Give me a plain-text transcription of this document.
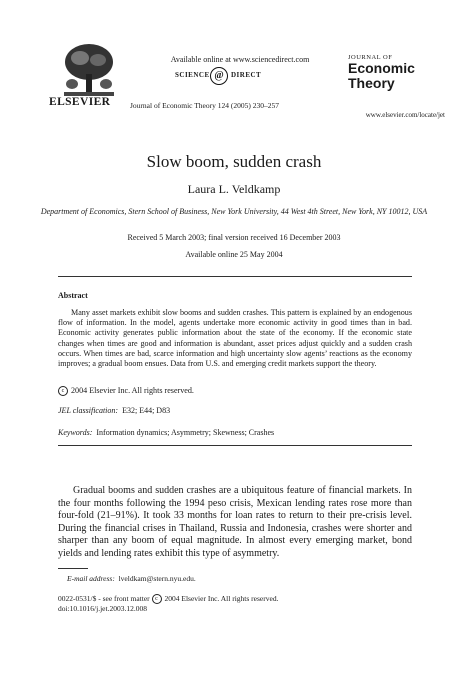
ELSEVIER
Available online at www.sciencedirect.com
SCIENCE @	DIRECT
Journal of Economic Theory 124 (2005) 230–257
JOURNAL OF
Economic
Theory
www.elsevier.com/locate/jet
Slow boom, sudden crash
Laura L. Veldkamp
Department of Economics, Stern School of Business, New York University, 44 West 4th Street, New York, NY 10012, USA
Received 5 March 2003; final version received 16 December 2003
Available online 25 May 2004
Abstract
Many asset markets exhibit slow booms and sudden crashes. This pattern is explained by an endogenous flow of information. In the model, agents undertake more economic activity in good times than in bad. Economic activity generates public information about the state of the economy. If the economic state changes when times are good and information is abundant, asset prices adjust quickly and a sudden crash occurs. When times are bad, scarce information and high uncertainty slow agents’ reactions as the economy improves; a gradual boom ensues. Data from U.S. and emerging credit markets support the theory.
c 2004 Elsevier Inc. All rights reserved.
JEL classification: E32; E44; D83
Keywords: Information dynamics; Asymmetry; Skewness; Crashes
Gradual booms and sudden crashes are a ubiquitous feature of financial markets. In the four months following the 1994 peso crisis, Mexican lending rates rose more than four-fold (21–91%). It took 33 months for loan rates to return to their pre-crisis level. During the financial crises in Thailand, Russia and Indonesia, crashes were shorter and sharper than any boom of equal magnitude. In almost every emerging market, bond yields and lending rates exhibit this type of asymmetry.
E-mail address: lveldkam@stern.nyu.edu.
0022-0531/$ - see front matter c 2004 Elsevier Inc. All rights reserved.
doi:10.1016/j.jet.2003.12.008
